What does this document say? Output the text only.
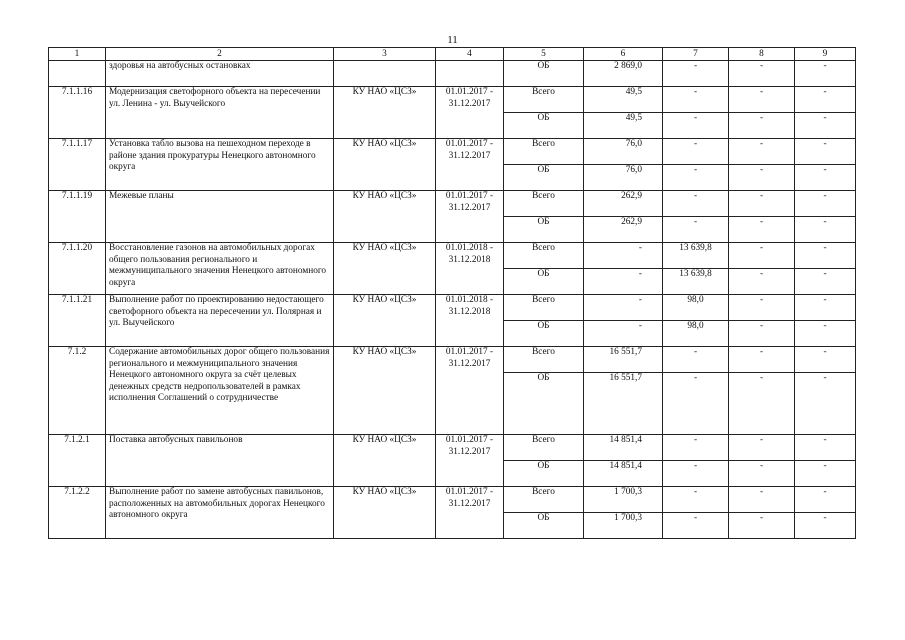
11
1	2	3	4	5	6	7	8	9
	здоровья на автобусных остановках			ОБ	2 869,0	-	-	-
7.1.1.16	Модернизация светофорного объекта на пересечении ул. Ленина - ул. Выучейского	КУ НАО «ЦСЗ»	01.01.2017 - 31.12.2017	Всего	49,5	-	-	-
				ОБ	49,5	-	-	-
7.1.1.17	Установка табло вызова на пешеходном переходе в районе здания прокуратуры Ненецкого автономного округа	КУ НАО «ЦСЗ»	01.01.2017 - 31.12.2017	Всего	76,0	-	-	-
				ОБ	76,0	-	-	-
7.1.1.19	Межевые планы	КУ НАО «ЦСЗ»	01.01.2017 - 31.12.2017	Всего	262,9	-	-	-
				ОБ	262,9	-	-	-
7.1.1.20	Восстановление газонов на автомобильных дорогах общего пользования регионального и межмуниципального значения Ненецкого автономного округа	КУ НАО «ЦСЗ»	01.01.2018 - 31.12.2018	Всего	-	13 639,8	-	-
				ОБ	-	13 639,8	-	-
7.1.1.21	Выполнение работ по проектированию недостающего светофорного объекта на пересечении ул. Полярная и ул. Выучейского	КУ НАО «ЦСЗ»	01.01.2018 - 31.12.2018	Всего	-	98,0	-	-
				ОБ	-	98,0	-	-
7.1.2	Содержание автомобильных дорог общего пользования регионального и межмуниципального значения Ненецкого автономного округа за счёт целевых денежных средств недропользователей в рамках исполнения Соглашений о сотрудничестве	КУ НАО «ЦСЗ»	01.01.2017 - 31.12.2017	Всего	16 551,7	-	-	-
				ОБ	16 551,7	-	-	-
7.1.2.1	Поставка автобусных павильонов	КУ НАО «ЦСЗ»	01.01.2017 - 31.12.2017	Всего	14 851,4	-	-	-
				ОБ	14 851,4	-	-	-
7.1.2.2	Выполнение работ по замене автобусных павильонов, расположенных на автомобильных дорогах Ненецкого автономного округа	КУ НАО «ЦСЗ»	01.01.2017 - 31.12.2017	Всего	1 700,3	-	-	-
				ОБ	1 700,3	-	-	-
